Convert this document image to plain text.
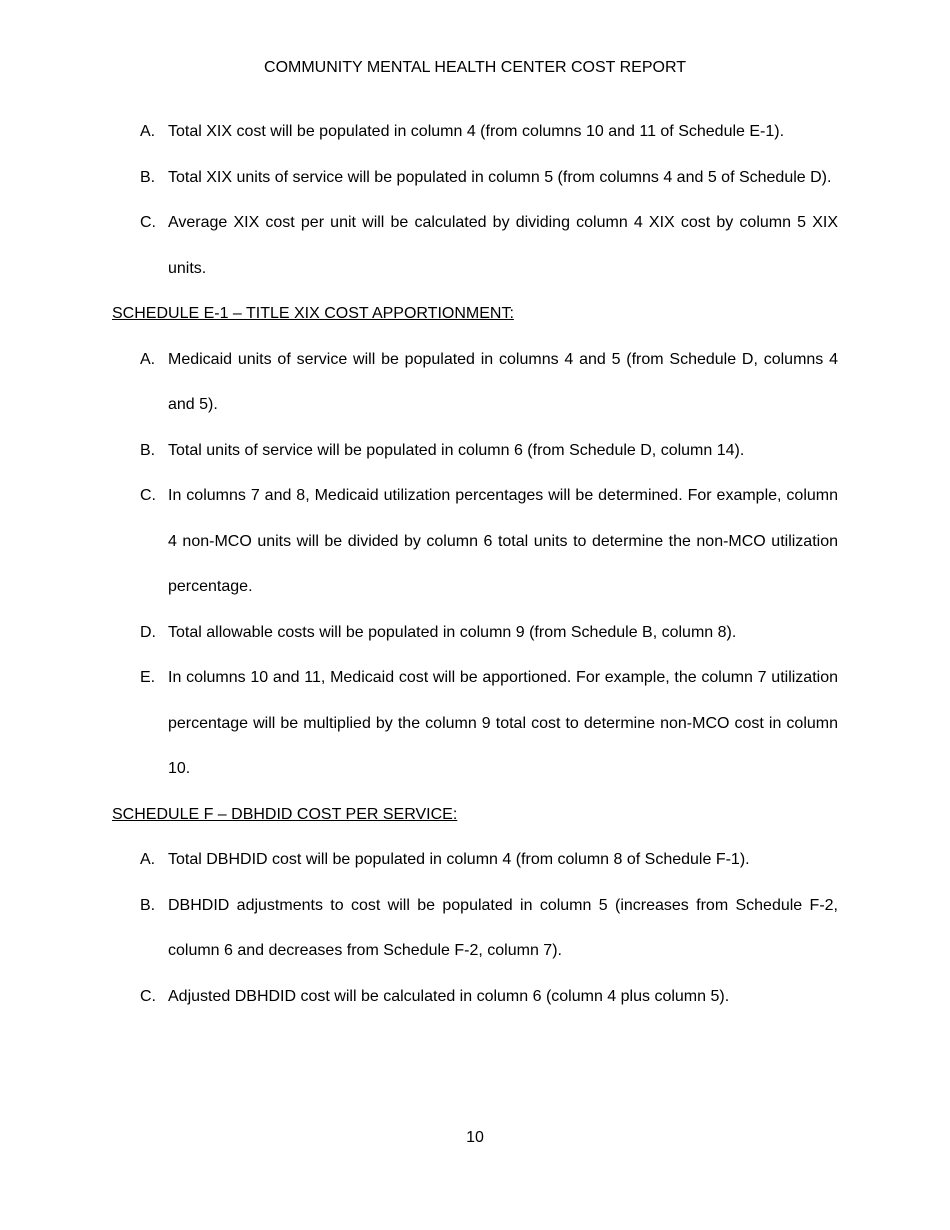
COMMUNITY MENTAL HEALTH CENTER COST REPORT
A. Total XIX cost will be populated in column 4 (from columns 10 and 11 of Schedule E-1).
B. Total XIX units of service will be populated in column 5 (from columns 4 and 5 of Schedule D).
C. Average XIX cost per unit will be calculated by dividing column 4 XIX cost by column 5 XIX units.
SCHEDULE E-1 – TITLE XIX COST APPORTIONMENT:
A. Medicaid units of service will be populated in columns 4 and 5 (from Schedule D, columns 4 and 5).
B. Total units of service will be populated in column 6 (from Schedule D, column 14).
C. In columns 7 and 8, Medicaid utilization percentages will be determined. For example, column 4 non-MCO units will be divided by column 6 total units to determine the non-MCO utilization percentage.
D. Total allowable costs will be populated in column 9 (from Schedule B, column 8).
E. In columns 10 and 11, Medicaid cost will be apportioned. For example, the column 7 utilization percentage will be multiplied by the column 9 total cost to determine non-MCO cost in column 10.
SCHEDULE F – DBHDID COST PER SERVICE:
A. Total DBHDID cost will be populated in column 4 (from column 8 of Schedule F-1).
B. DBHDID adjustments to cost will be populated in column 5 (increases from Schedule F-2, column 6 and decreases from Schedule F-2, column 7).
C. Adjusted DBHDID cost will be calculated in column 6 (column 4 plus column 5).
10
